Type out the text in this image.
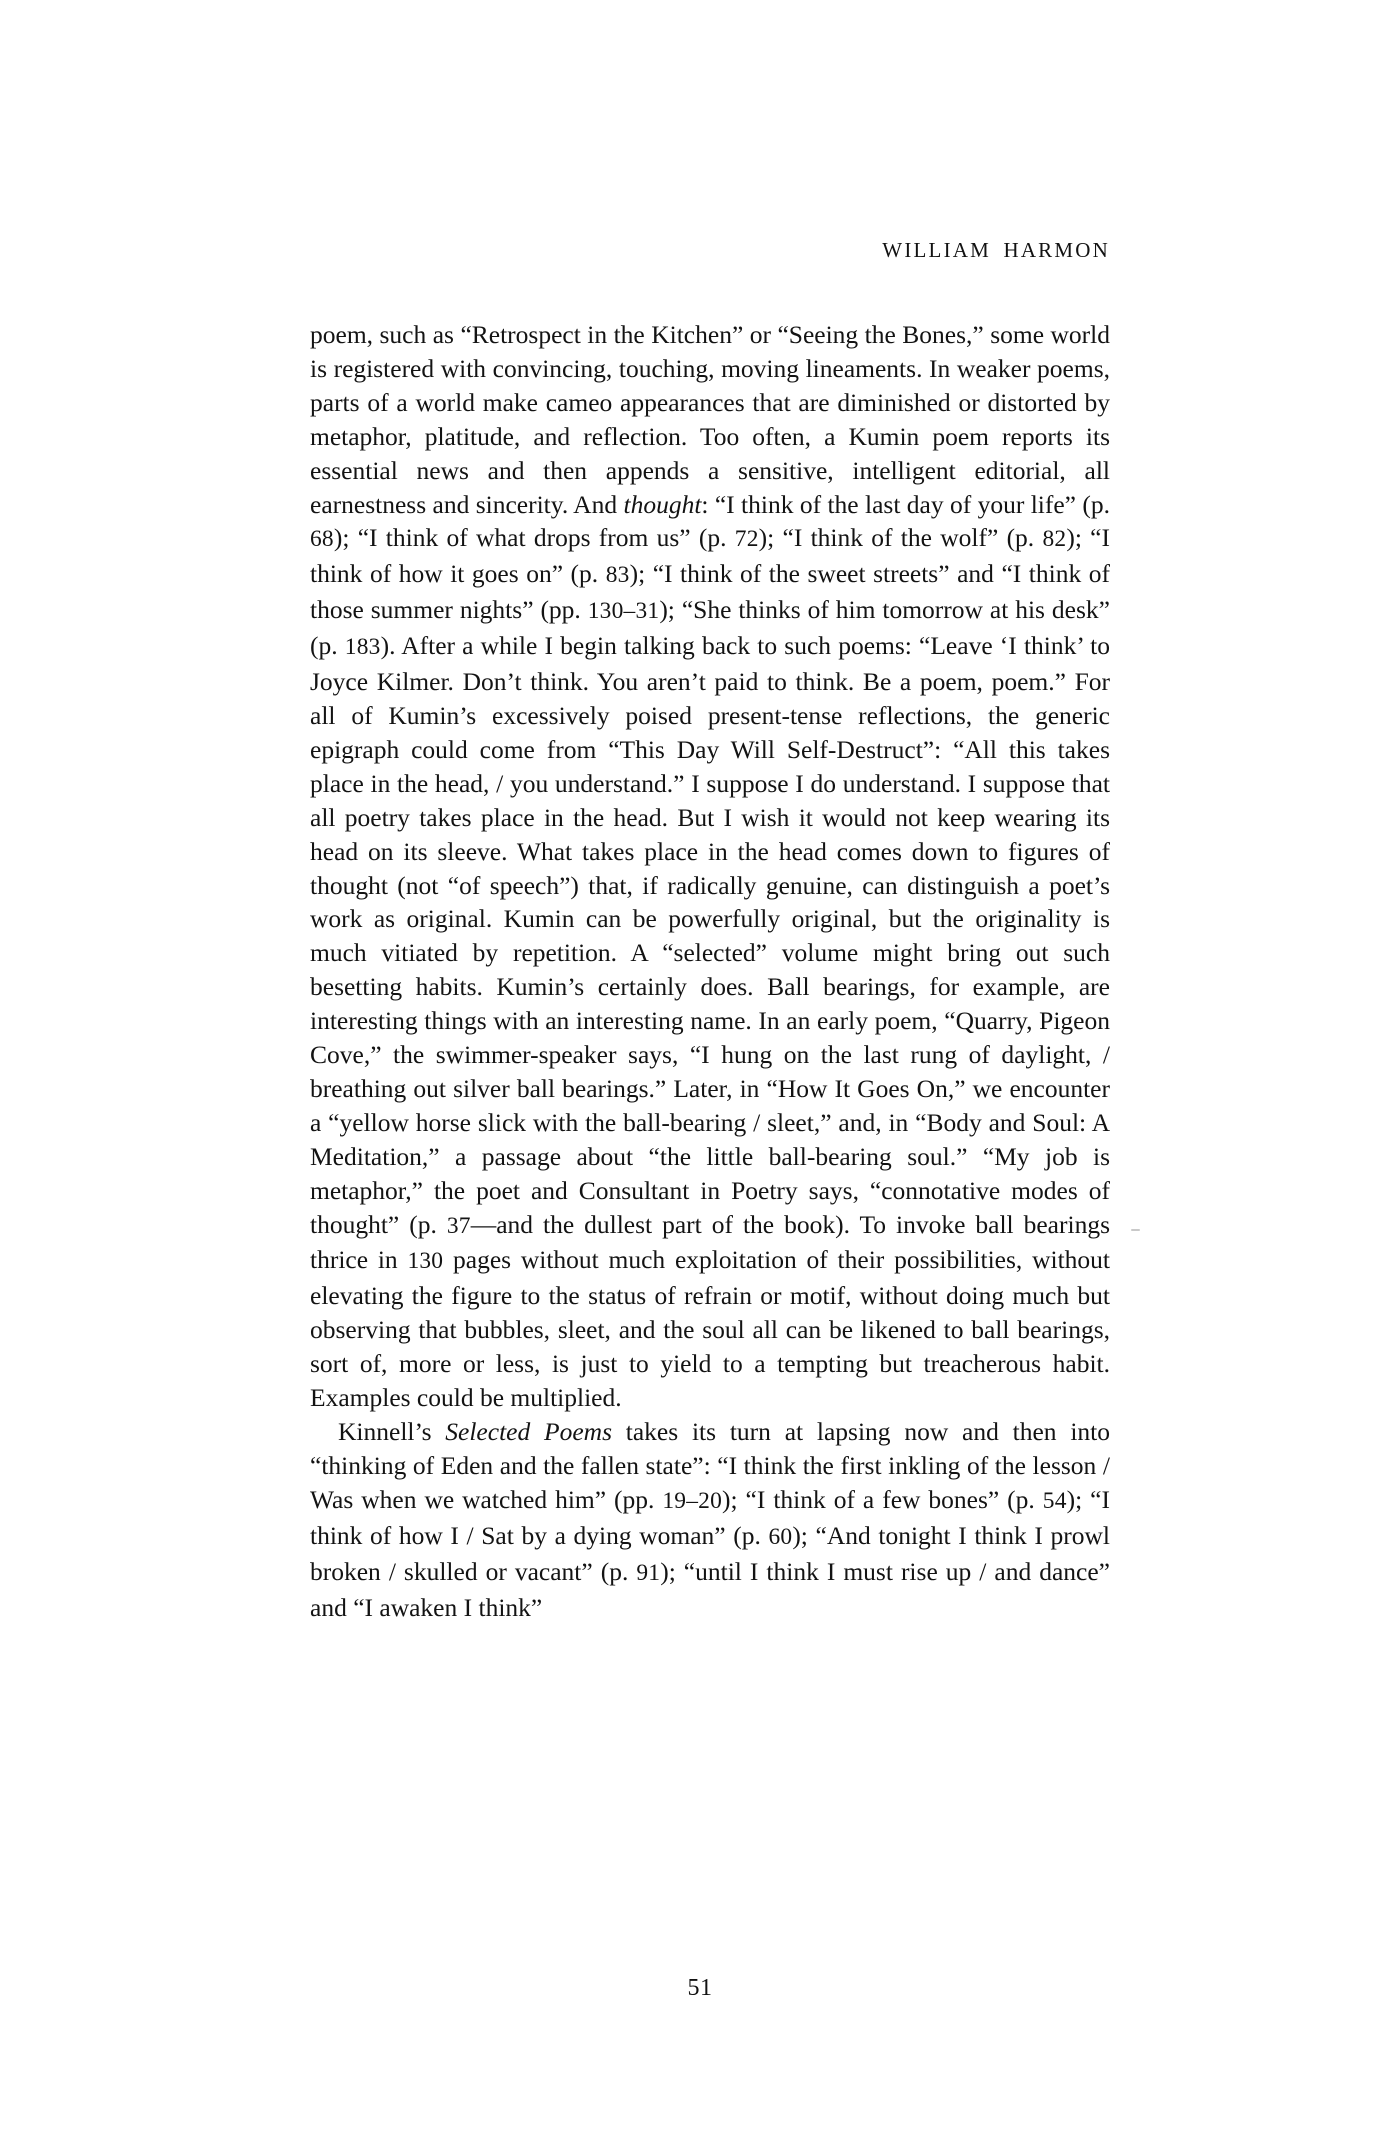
WILLIAM HARMON

poem, such as “Retrospect in the Kitchen” or “Seeing the Bones,” some world is registered with convincing, touching, moving lineaments. In weaker poems, parts of a world make cameo appearances that are diminished or distorted by metaphor, platitude, and reflection. Too often, a Kumin poem reports its essential news and then appends a sensitive, intelligent editorial, all earnestness and sincerity. And thought: “I think of the last day of your life” (p. 68); “I think of what drops from us” (p. 72); “I think of the wolf” (p. 82); “I think of how it goes on” (p. 83); “I think of the sweet streets” and “I think of those summer nights” (pp. 130–31); “She thinks of him tomorrow at his desk” (p. 183). After a while I begin talking back to such poems: “Leave ‘I think’ to Joyce Kilmer. Don’t think. You aren’t paid to think. Be a poem, poem.” For all of Kumin’s excessively poised present-tense reflections, the generic epigraph could come from “This Day Will Self-Destruct”: “All this takes place in the head, / you understand.” I suppose I do understand. I suppose that all poetry takes place in the head. But I wish it would not keep wearing its head on its sleeve. What takes place in the head comes down to figures of thought (not “of speech”) that, if radically genuine, can distinguish a poet’s work as original. Kumin can be powerfully original, but the originality is much vitiated by repetition. A “selected” volume might bring out such besetting habits. Kumin’s certainly does. Ball bearings, for example, are interesting things with an interesting name. In an early poem, “Quarry, Pigeon Cove,” the swimmer-speaker says, “I hung on the last rung of daylight, / breathing out silver ball bearings.” Later, in “How It Goes On,” we encounter a “yellow horse slick with the ball-bearing / sleet,” and, in “Body and Soul: A Meditation,” a passage about “the little ball-bearing soul.” “My job is metaphor,” the poet and Consultant in Poetry says, “connotative modes of thought” (p. 37—and the dullest part of the book). To invoke ball bearings thrice in 130 pages without much exploitation of their possibilities, without elevating the figure to the status of refrain or motif, without doing much but observing that bubbles, sleet, and the soul all can be likened to ball bearings, sort of, more or less, is just to yield to a tempting but treacherous habit. Examples could be multiplied.

Kinnell’s Selected Poems takes its turn at lapsing now and then into “thinking of Eden and the fallen state”: “I think the first inkling of the lesson / Was when we watched him” (pp. 19–20); “I think of a few bones” (p. 54); “I think of how I / Sat by a dying woman” (p. 60); “And tonight I think I prowl broken / skulled or vacant” (p. 91); “until I think I must rise up / and dance” and “I awaken I think”

51
